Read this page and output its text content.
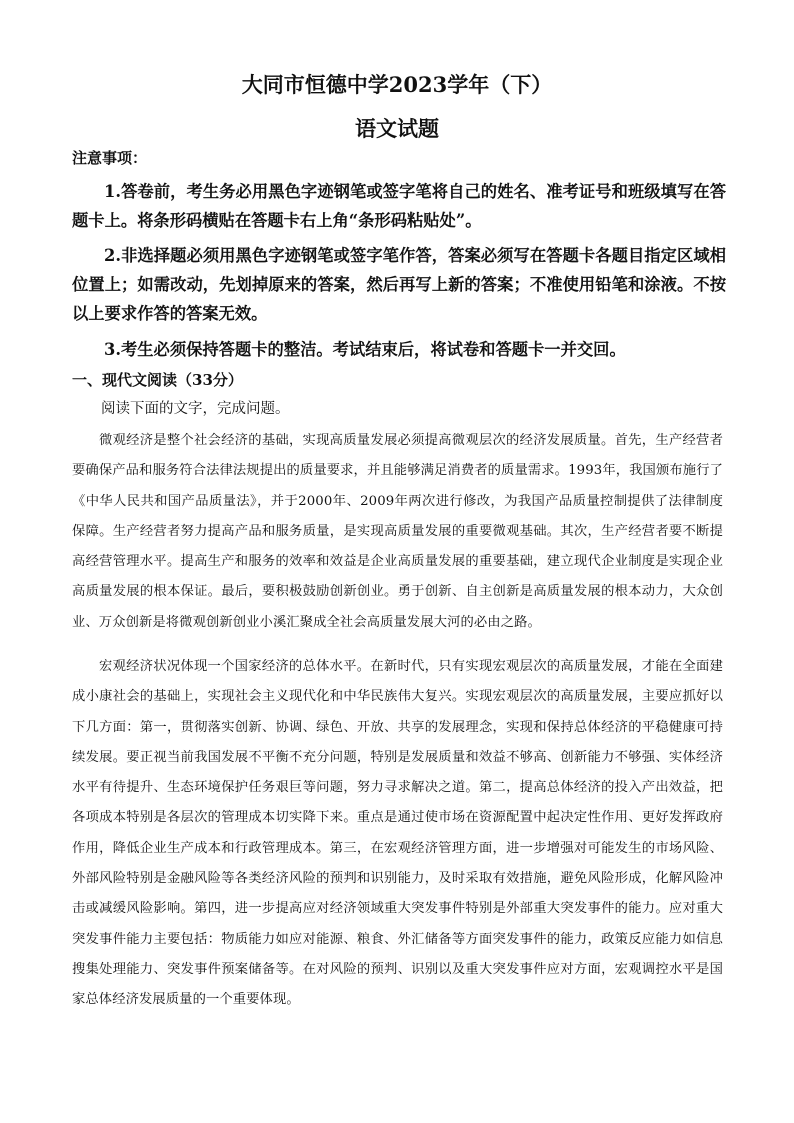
大同市恒德中学2023学年（下）
语文试题
注意事项：

1.答卷前，考生务必用黑色字迹钢笔或签字笔将自己的姓名、准考证号和班级填写在答题卡上。将条形码横贴在答题卡右上角“条形码粘贴处”。

2.非选择题必须用黑色字迹钢笔或签字笔作答，答案必须写在答题卡各题目指定区域相位置上；如需改动，先划掉原来的答案，然后再写上新的答案；不准使用铅笔和涂液。不按以上要求作答的答案无效。

3.考生必须保持答题卡的整洁。考试结束后，将试卷和答题卡一并交回。

一、现代文阅读（33分）
阅读下面的文字，完成问题。

微观经济是整个社会经济的基础，实现高质量发展必须提高微观层次的经济发展质量。首先，生产经营者要确保产品和服务符合法律法规提出的质量要求，并且能够满足消费者的质量需求。1993年，我国颁布施行了《中华人民共和国产品质量法》，并于2000年、2009年两次进行修改，为我国产品质量控制提供了法律制度保障。生产经营者努力提高产品和服务质量，是实现高质量发展的重要微观基础。其次，生产经营者要不断提高经营管理水平。提高生产和服务的效率和效益是企业高质量发展的重要基础，建立现代企业制度是实现企业高质量发展的根本保证。最后，要积极鼓励创新创业。勇于创新、自主创新是高质量发展的根本动力，大众创业、万众创新是将微观创新创业小溪汇聚成全社会高质量发展大河的必由之路。

宏观经济状况体现一个国家经济的总体水平。在新时代，只有实现宏观层次的高质量发展，才能在全面建成小康社会的基础上，实现社会主义现代化和中华民族伟大复兴。实现宏观层次的高质量发展，主要应抓好以下几方面：第一，贯彻落实创新、协调、绿色、开放、共享的发展理念，实现和保持总体经济的平稳健康可持续发展。要正视当前我国发展不平衡不充分问题，特别是发展质量和效益不够高、创新能力不够强、实体经济水平有待提升、生态环境保护任务艰巨等问题，努力寻求解决之道。第二，提高总体经济的投入产出效益，把各项成本特别是各层次的管理成本切实降下来。重点是通过使市场在资源配置中起决定性作用、更好发挥政府作用，降低企业生产成本和行政管理成本。第三，在宏观经济管理方面，进一步增强对可能发生的市场风险、外部风险特别是金融风险等各类经济风险的预判和识别能力，及时采取有效措施，避免风险形成，化解风险冲击或减缓风险影响。第四，进一步提高应对经济领域重大突发事件特别是外部重大突发事件的能力。应对重大突发事件能力主要包括：物质能力如应对能源、粮食、外汇储备等方面突发事件的能力，政策反应能力如信息搜集处理能力、突发事件预案储备等。在对风险的预判、识别以及重大突发事件应对方面，宏观调控水平是国家总体经济发展质量的一个重要体现。
